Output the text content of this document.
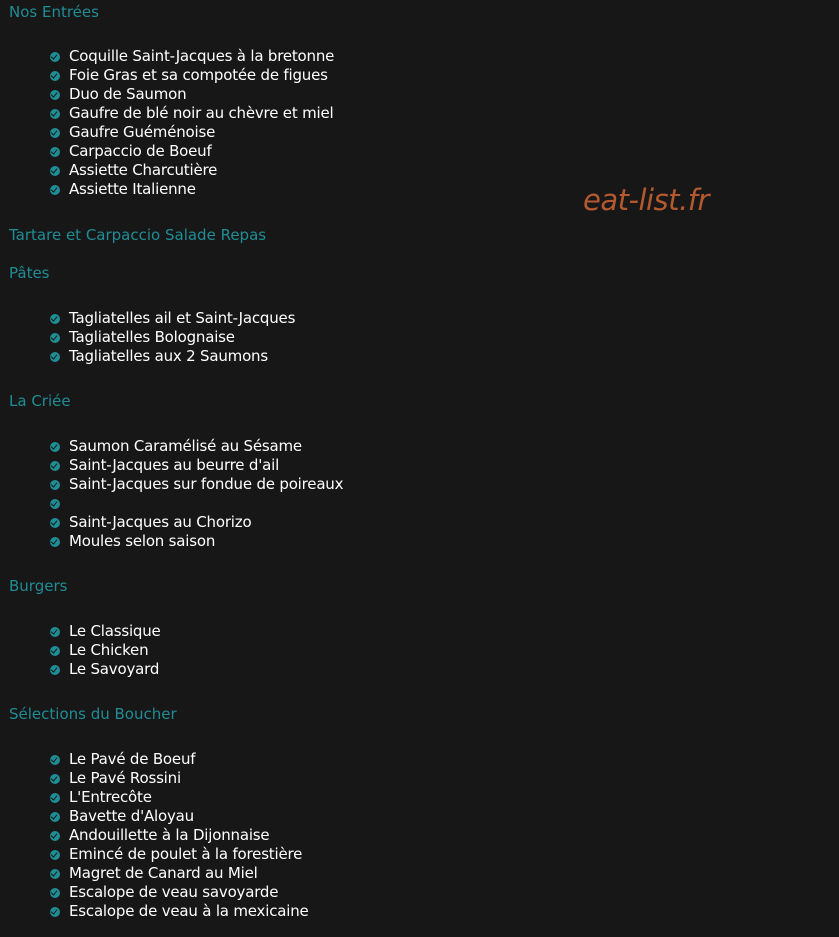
eat-list.fr
Nos Entrées
Coquille Saint-Jacques à la bretonne
Foie Gras et sa compotée de figues
Duo de Saumon
Gaufre de blé noir au chèvre et miel
Gaufre Guéménoise
Carpaccio de Boeuf
Assiette Charcutière
Assiette Italienne
Tartare et Carpaccio Salade Repas
Pâtes
Tagliatelles ail et Saint-Jacques
Tagliatelles Bolognaise
Tagliatelles aux 2 Saumons
La Criée
Saumon Caramélisé au Sésame
Saint-Jacques au beurre d'ail
Saint-Jacques sur fondue de poireaux
Saint-Jacques au Chorizo
Moules selon saison
Burgers
Le Classique
Le Chicken
Le Savoyard
Sélections du Boucher
Le Pavé de Boeuf
Le Pavé Rossini
L'Entrecôte
Bavette d'Aloyau
Andouillette à la Dijonnaise
Emincé de poulet à la forestière
Magret de Canard au Miel
Escalope de veau savoyarde
Escalope de veau à la mexicaine
